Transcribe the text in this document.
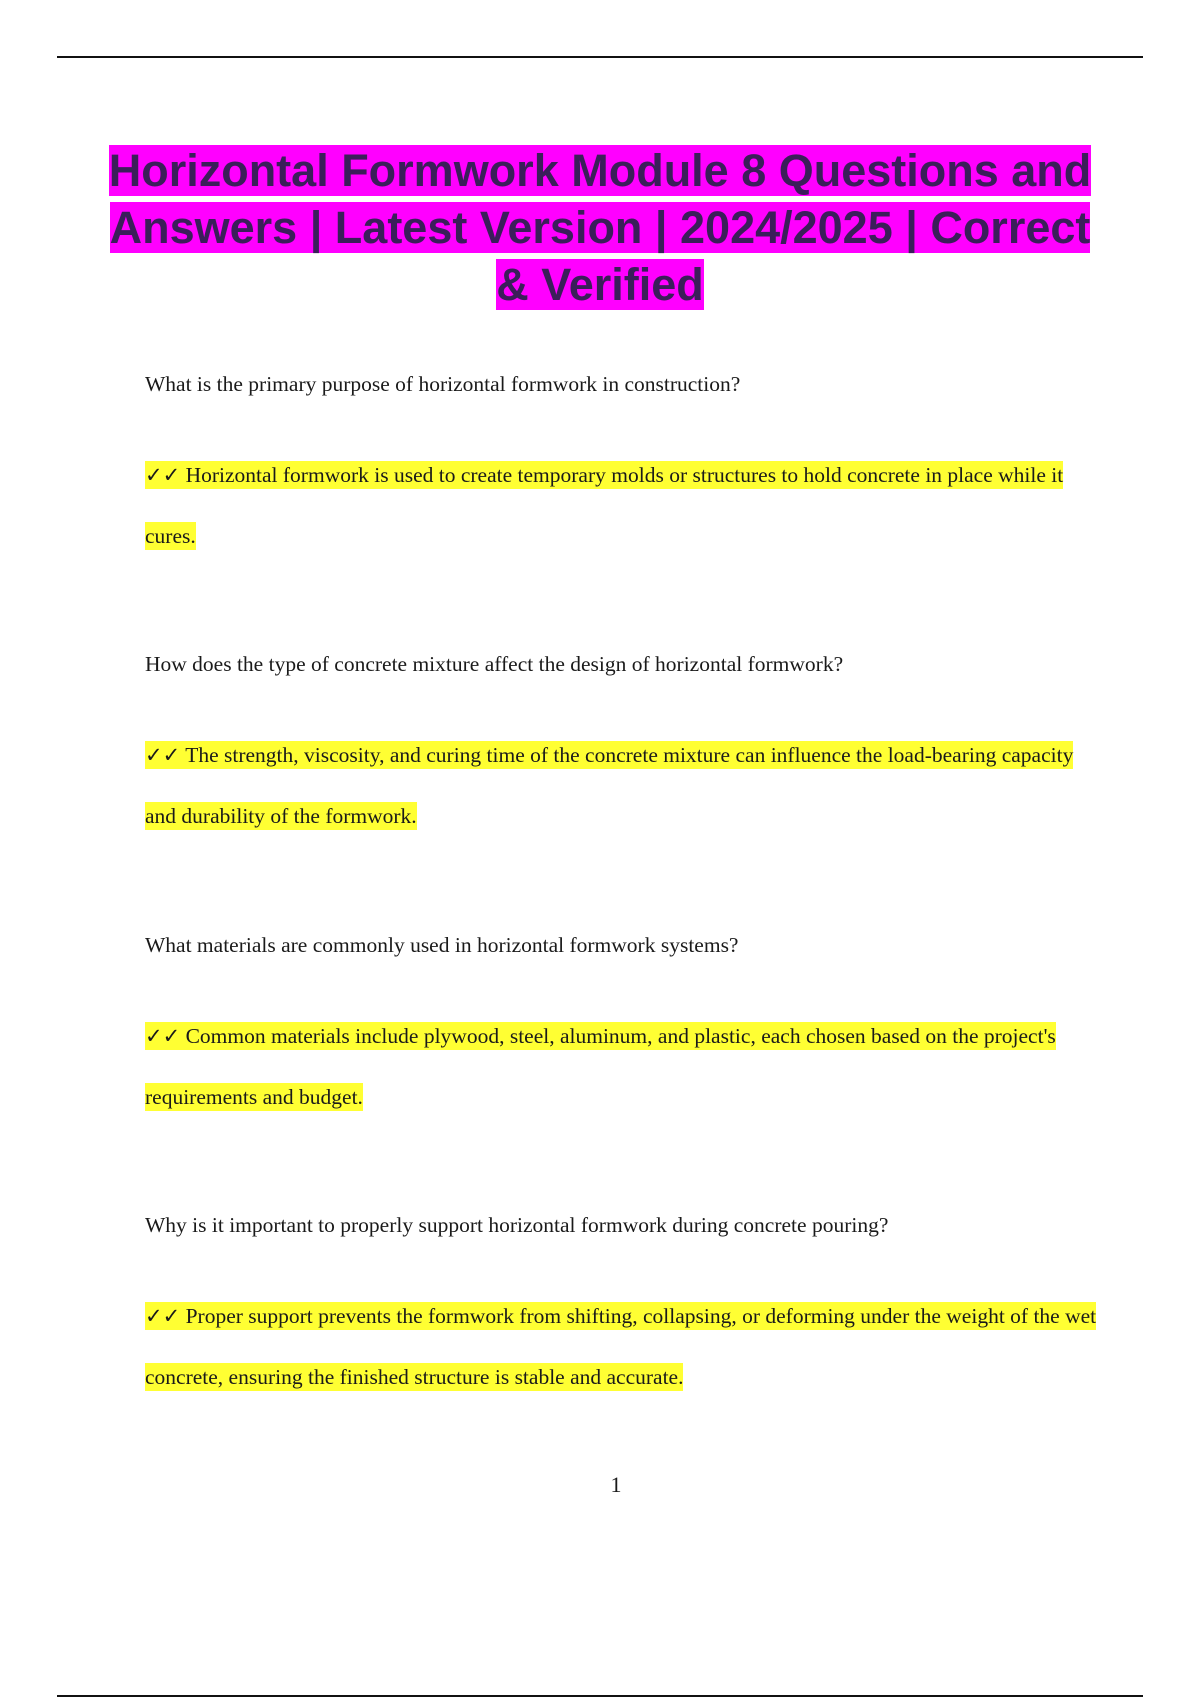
Horizontal Formwork Module 8 Questions and Answers | Latest Version | 2024/2025 | Correct & Verified

What is the primary purpose of horizontal formwork in construction?

✓✓ Horizontal formwork is used to create temporary molds or structures to hold concrete in place while it cures.

How does the type of concrete mixture affect the design of horizontal formwork?

✓✓ The strength, viscosity, and curing time of the concrete mixture can influence the load-bearing capacity and durability of the formwork.

What materials are commonly used in horizontal formwork systems?

✓✓ Common materials include plywood, steel, aluminum, and plastic, each chosen based on the project's requirements and budget.

Why is it important to properly support horizontal formwork during concrete pouring?

✓✓ Proper support prevents the formwork from shifting, collapsing, or deforming under the weight of the wet concrete, ensuring the finished structure is stable and accurate.

1
